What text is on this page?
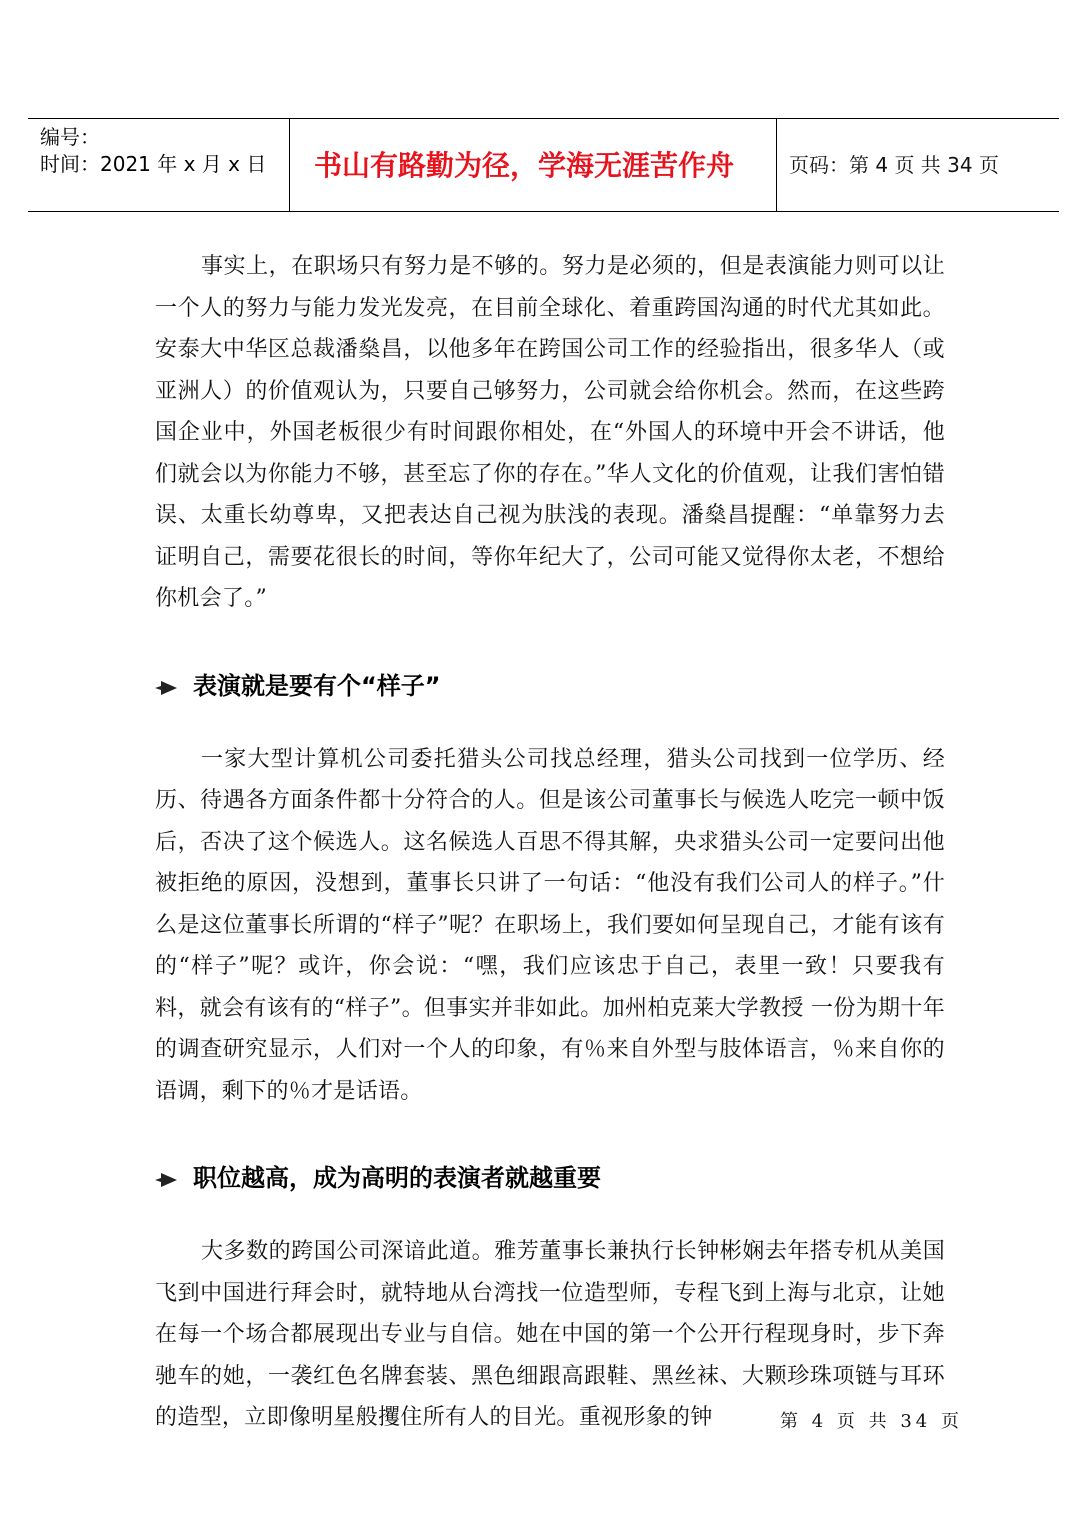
编号：
时间：2021 年 x 月 x 日 书山有路勤为径，学海无涯苦作舟	页码：第 4 页 共 34 页

事实上，在职场只有努力是不够的。努力是必须的，但是表演能力则可以让一个人的努力与能力发光发亮，在目前全球化、着重跨国沟通的时代尤其如此。安泰大中华区总裁潘燊昌，以他多年在跨国公司工作的经验指出，很多华人（或亚洲人）的价值观认为，只要自己够努力，公司就会给你机会。然而，在这些跨国企业中，外国老板很少有时间跟你相处，在“外国人的环境中开会不讲话，他们就会以为你能力不够，甚至忘了你的存在。”华人文化的价值观，让我们害怕错误、太重长幼尊卑，又把表达自己视为肤浅的表现。潘燊昌提醒：“单靠努力去证明自己，需要花很长的时间，等你年纪大了，公司可能又觉得你太老，不想给你机会了。”

表演就是要有个“样子”

一家大型计算机公司委托猎头公司找总经理，猎头公司找到一位学历、经历、待遇各方面条件都十分符合的人。但是该公司董事长与候选人吃完一顿中饭后，否决了这个候选人。这名候选人百思不得其解，央求猎头公司一定要问出他被拒绝的原因，没想到，董事长只讲了一句话：“他没有我们公司人的样子。”什么是这位董事长所谓的“样子”呢？在职场上，我们要如何呈现自己，才能有该有的“样子”呢？或许，你会说：“嘿，我们应该忠于自己，表里一致！只要我有料，就会有该有的“样子”。但事实并非如此。加州柏克莱大学教授 一份为期十年的调查研究显示，人们对一个人的印象，有％来自外型与肢体语言，％来自你的语调，剩下的％才是话语。

职位越高，成为高明的表演者就越重要

大多数的跨国公司深谙此道。雅芳董事长兼执行长钟彬娴去年搭专机从美国飞到中国进行拜会时，就特地从台湾找一位造型师，专程飞到上海与北京，让她在每一个场合都展现出专业与自信。她在中国的第一个公开行程现身时，步下奔驰车的她，一袭红色名牌套装、黑色细跟高跟鞋、黑丝袜、大颗珍珠项链与耳环的造型，立即像明星般攫住所有人的目光。重视形象的钟	第 4 页 共 34 页
